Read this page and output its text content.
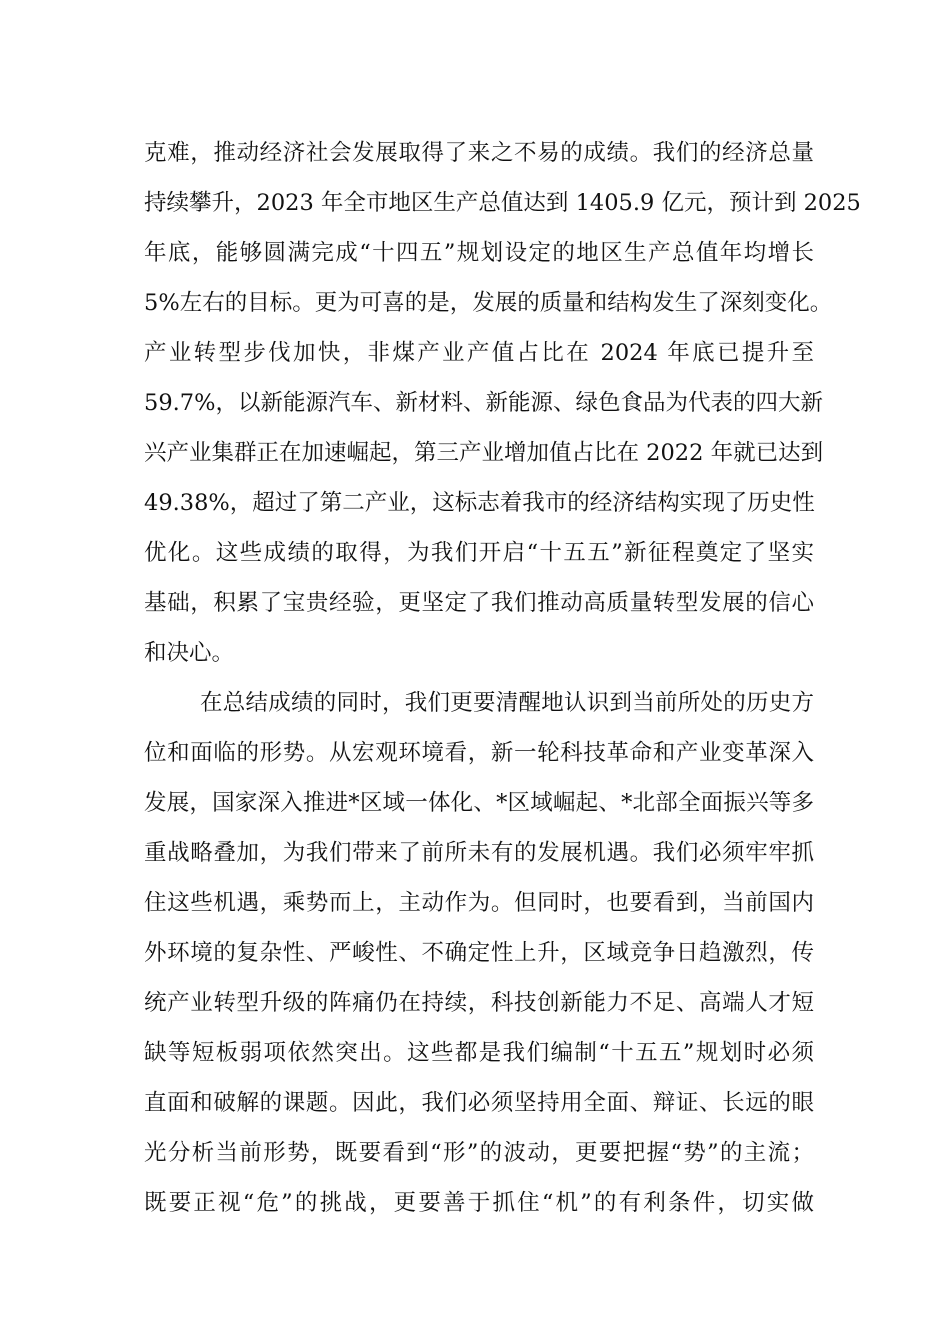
克难，推动经济社会发展取得了来之不易的成绩。我们的经济总量
持续攀升，2023 年全市地区生产总值达到 1405.9 亿元，预计到 2025
年底，能够圆满完成“十四五”规划设定的地区生产总值年均增长
5%左右的目标。更为可喜的是，发展的质量和结构发生了深刻变化。
产业转型步伐加快，非煤产业产值占比在 2024 年底已提升至
59.7%，以新能源汽车、新材料、新能源、绿色食品为代表的四大新
兴产业集群正在加速崛起，第三产业增加值占比在 2022 年就已达到
49.38%，超过了第二产业，这标志着我市的经济结构实现了历史性
优化。这些成绩的取得，为我们开启“十五五”新征程奠定了坚实
基础，积累了宝贵经验，更坚定了我们推动高质量转型发展的信心
和决心。
在总结成绩的同时，我们更要清醒地认识到当前所处的历史方
位和面临的形势。从宏观环境看，新一轮科技革命和产业变革深入
发展，国家深入推进*区域一体化、*区域崛起、*北部全面振兴等多
重战略叠加，为我们带来了前所未有的发展机遇。我们必须牢牢抓
住这些机遇，乘势而上，主动作为。但同时，也要看到，当前国内
外环境的复杂性、严峻性、不确定性上升，区域竞争日趋激烈，传
统产业转型升级的阵痛仍在持续，科技创新能力不足、高端人才短
缺等短板弱项依然突出。这些都是我们编制“十五五”规划时必须
直面和破解的课题。因此，我们必须坚持用全面、辩证、长远的眼
光分析当前形势，既要看到“形”的波动，更要把握“势”的主流；
既要正视“危”的挑战，更要善于抓住“机”的有利条件，切实做
